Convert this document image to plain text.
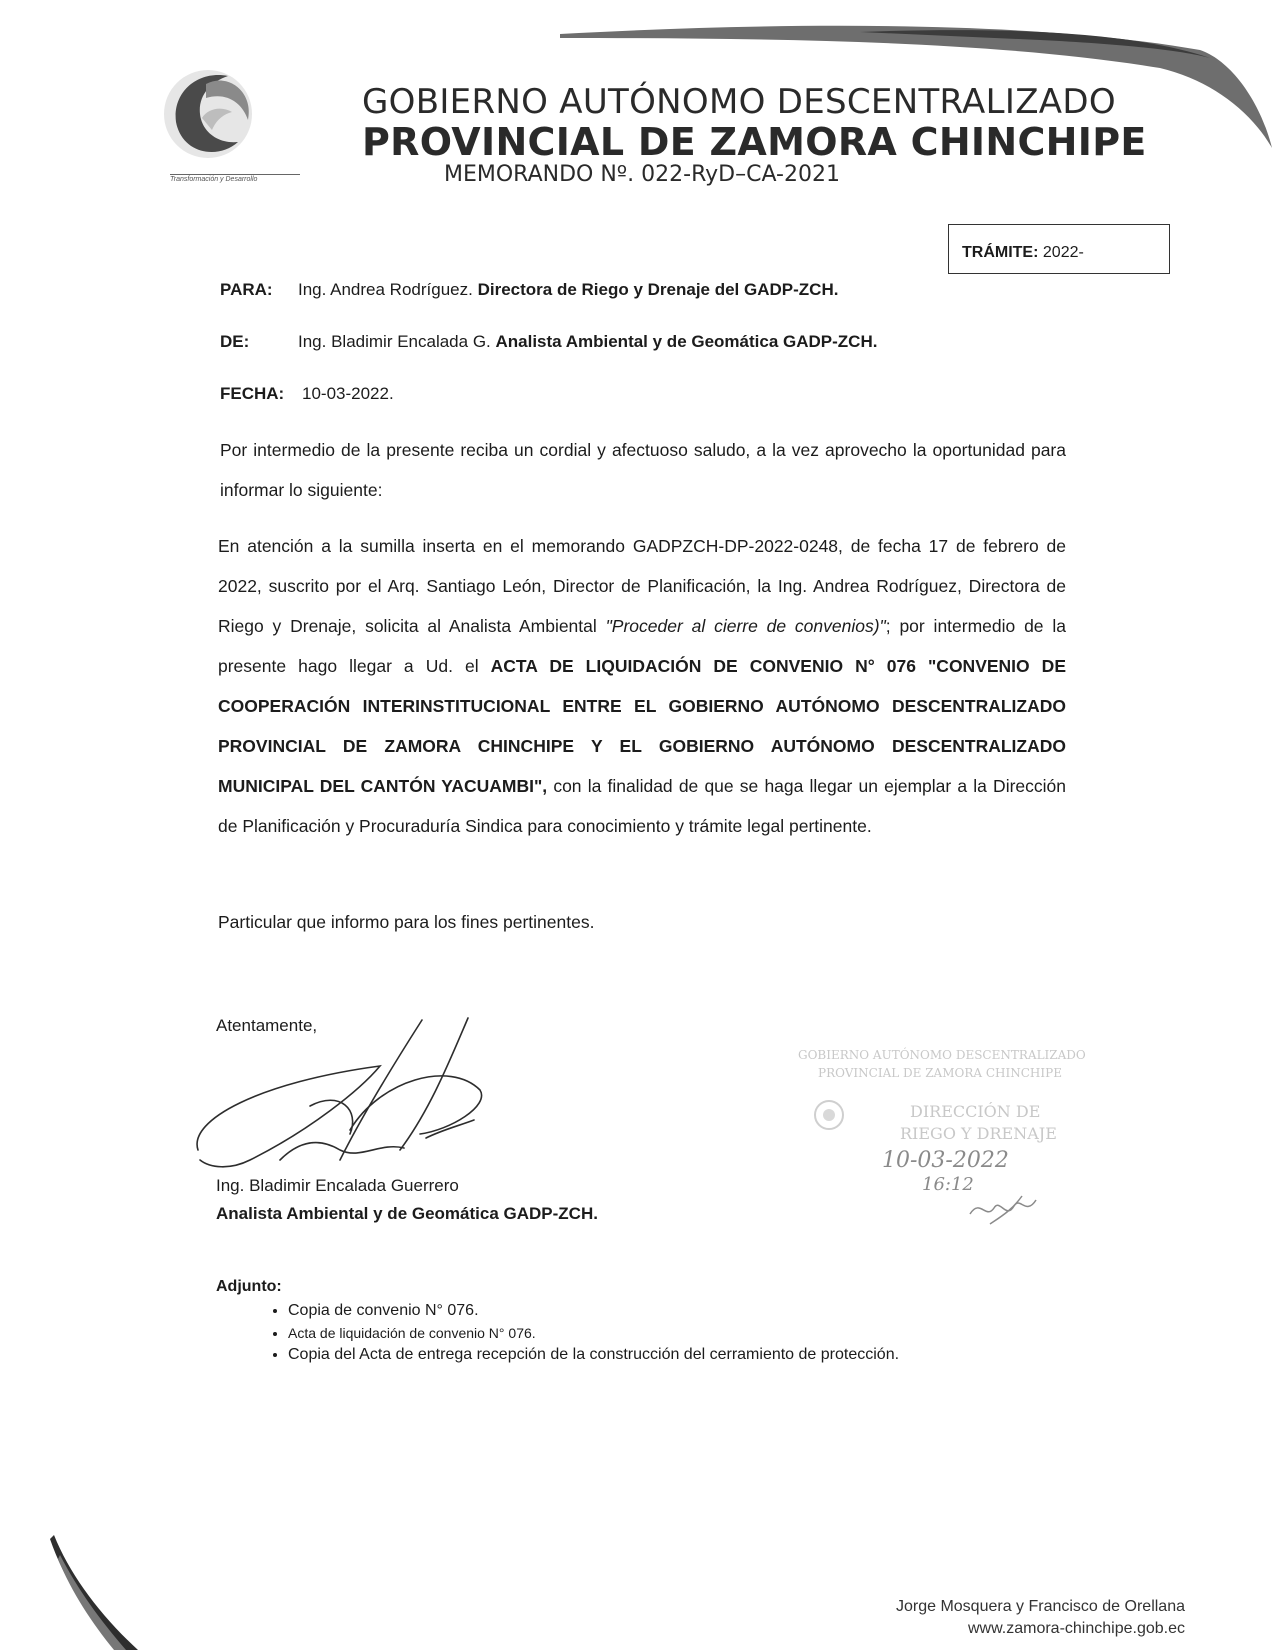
Transformación y Desarrollo
GOBIERNO AUTÓNOMO DESCENTRALIZADO
PROVINCIAL DE ZAMORA CHINCHIPE
MEMORANDO Nº. 022-RyD–CA-2021
TRÁMITE: 2022-
PARA: Ing. Andrea Rodríguez. Directora de Riego y Drenaje del GADP-ZCH.
DE:	Ing. Bladimir Encalada G. Analista Ambiental y de Geomática GADP-ZCH.
FECHA: 10-03-2022.
Por intermedio de la presente reciba un cordial y afectuoso saludo, a la vez aprovecho la oportunidad para informar lo siguiente:
En atención a la sumilla inserta en el memorando GADPZCH-DP-2022-0248, de fecha 17 de febrero de 2022, suscrito por el Arq. Santiago León, Director de Planificación, la Ing. Andrea Rodríguez, Directora de Riego y Drenaje, solicita al Analista Ambiental "Proceder al cierre de convenios)"; por intermedio de la presente hago llegar a Ud. el ACTA DE LIQUIDACIÓN DE CONVENIO N° 076 "CONVENIO DE COOPERACIÓN INTERINSTITUCIONAL ENTRE EL GOBIERNO AUTÓNOMO DESCENTRALIZADO PROVINCIAL DE ZAMORA CHINCHIPE Y EL GOBIERNO AUTÓNOMO DESCENTRALIZADO MUNICIPAL DEL CANTÓN YACUAMBI", con la finalidad de que se haga llegar un ejemplar a la Dirección de Planificación y Procuraduría Sindica para conocimiento y trámite legal pertinente.
Particular que informo para los fines pertinentes.
Atentamente,
Ing. Bladimir Encalada Guerrero
Analista Ambiental y de Geomática GADP-ZCH.
GOBIERNO AUTÓNOMO DESCENTRALIZADO
PROVINCIAL DE ZAMORA CHINCHIPE
DIRECCIÓN DE
RIEGO Y DRENAJE
10-03-2022
16:12
Adjunto:
• Copia de convenio N° 076.
• Acta de liquidación de convenio N° 076.
• Copia del Acta de entrega recepción de la construcción del cerramiento de protección.
Jorge Mosquera y Francisco de Orellana
www.zamora-chinchipe.gob.ec
